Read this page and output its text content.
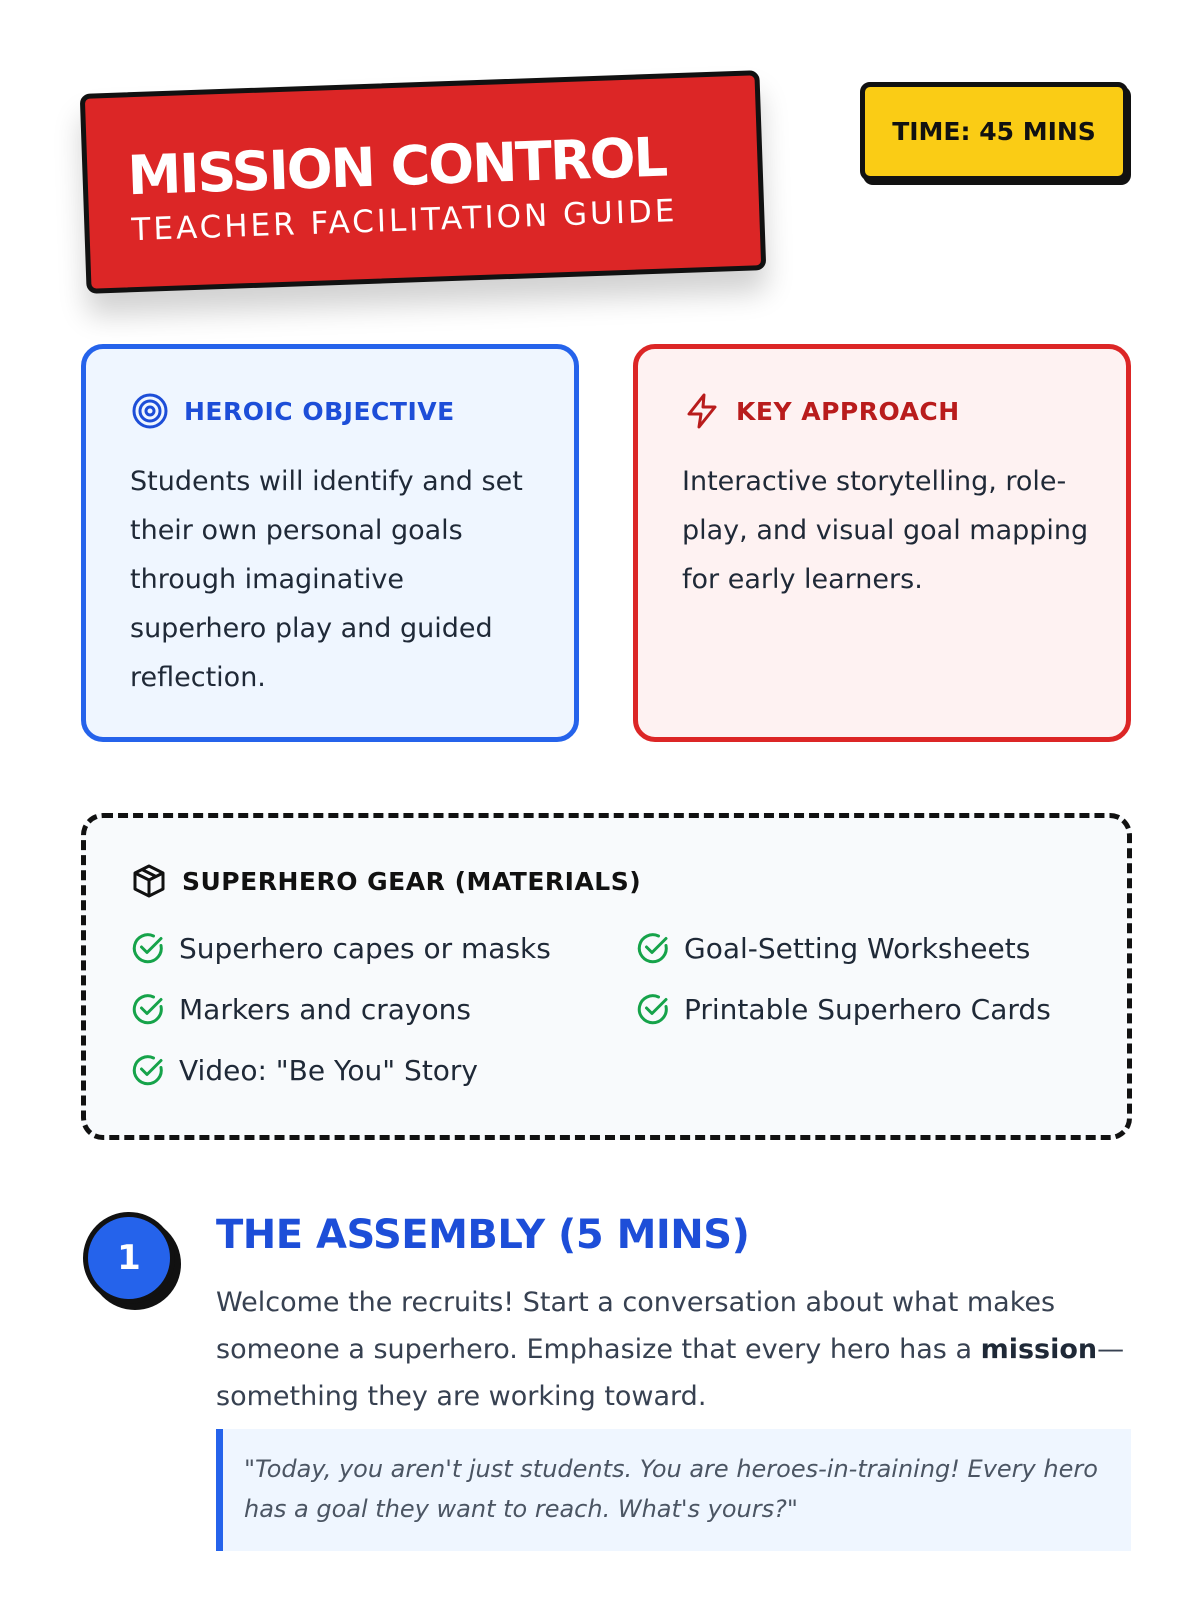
MISSION CONTROL
TEACHER FACILITATION GUIDE
TIME: 45 MINS
HEROIC OBJECTIVE
Students will identify and set their own personal goals through imaginative superhero play and guided reflection.
KEY APPROACH
Interactive storytelling, role-play, and visual goal mapping for early learners.
SUPERHERO GEAR (MATERIALS)
Superhero capes or masks	Goal-Setting Worksheets
Markers and crayons	Printable Superhero Cards
Video: "Be You" Story
1	THE ASSEMBLY (5 MINS)
Welcome the recruits! Start a conversation about what makes someone a superhero. Emphasize that every hero has a mission—something they are working toward.
"Today, you aren't just students. You are heroes-in-training! Every hero has a goal they want to reach. What's yours?"
